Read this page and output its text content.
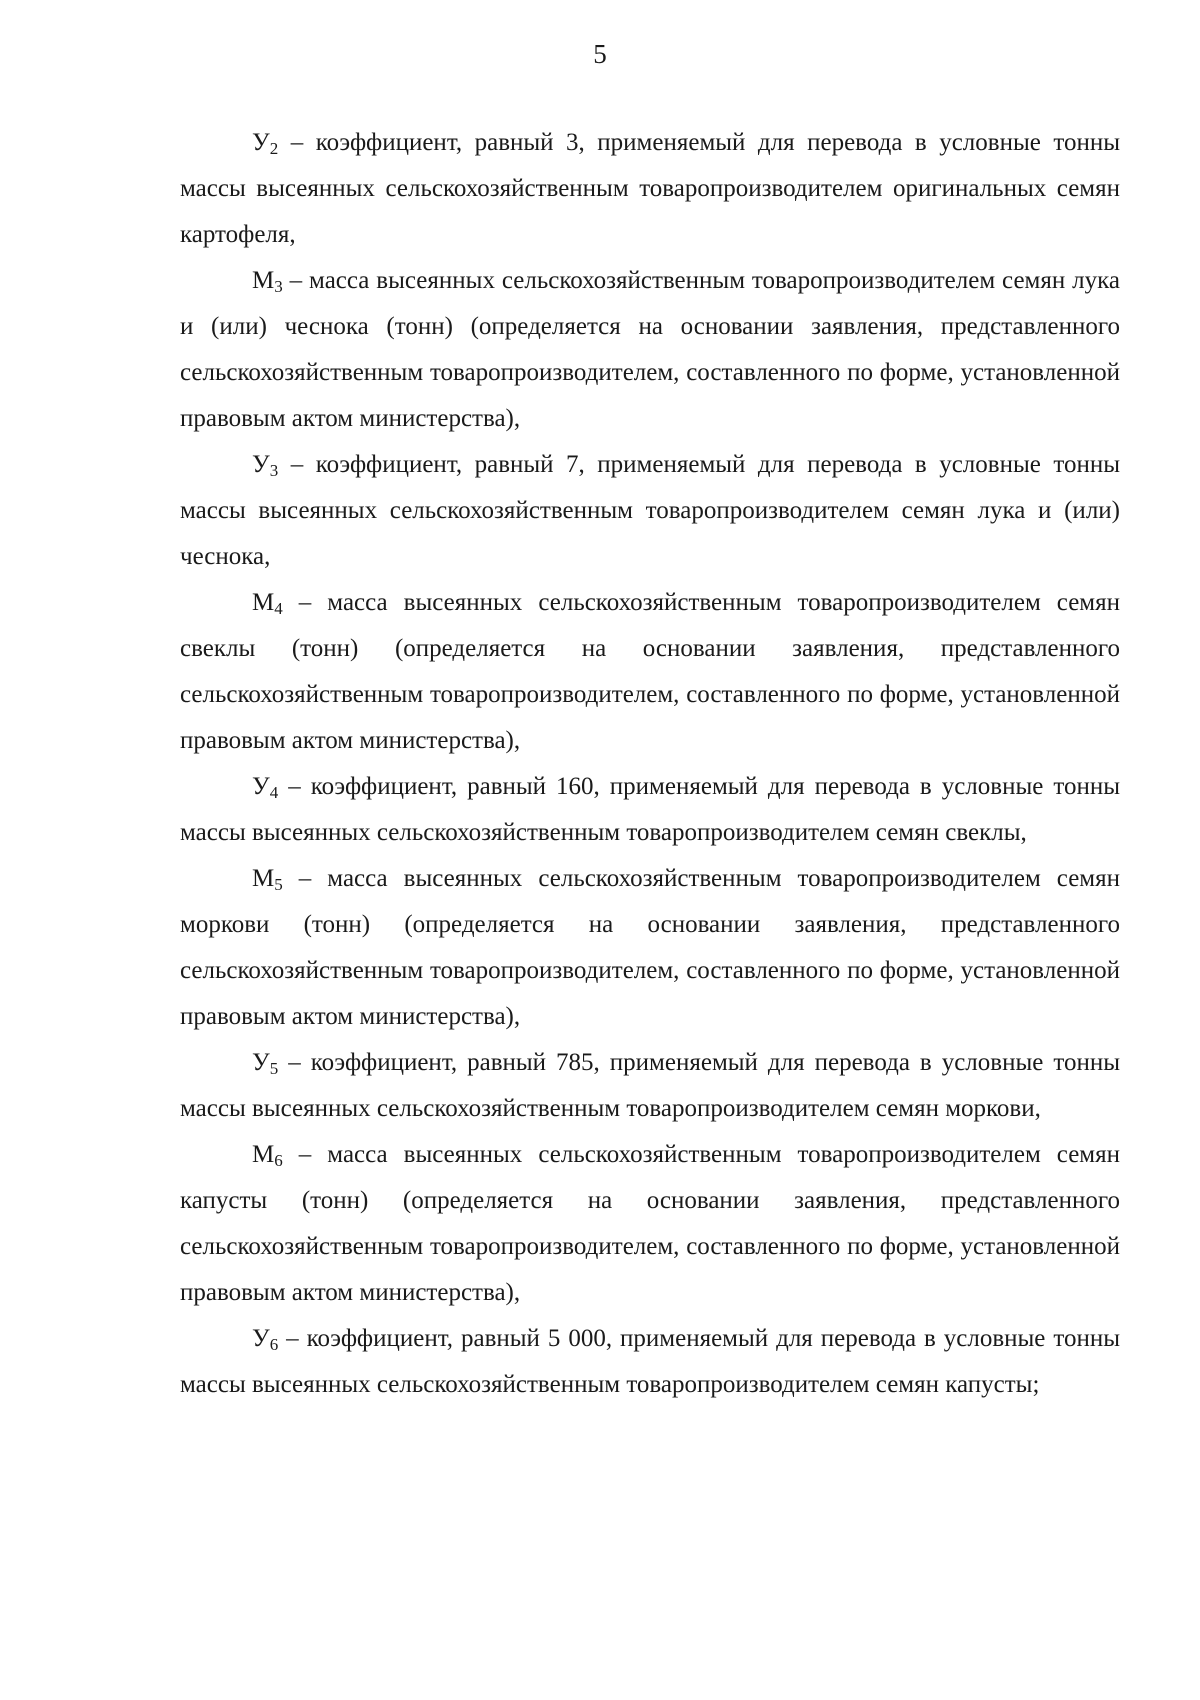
5

$У_2$ – коэффициент, равный 3, применяемый для перевода в условные тонны массы высеянных сельскохозяйственным товаропроизводителем оригинальных семян картофеля,

$М_3$ – масса высеянных сельскохозяйственным товаропроизводителем семян лука и (или) чеснока (тонн) (определяется на основании заявления, представленного сельскохозяйственным товаропроизводителем, составленного по форме, установленной правовым актом министерства),

$У_3$ – коэффициент, равный 7, применяемый для перевода в условные тонны массы высеянных сельскохозяйственным товаропроизводителем семян лука и (или) чеснока,

$М_4$ – масса высеянных сельскохозяйственным товаропроизводителем семян свеклы (тонн) (определяется на основании заявления, представленного сельскохозяйственным товаропроизводителем, составленного по форме, установленной правовым актом министерства),

$У_4$ – коэффициент, равный 160, применяемый для перевода в условные тонны массы высеянных сельскохозяйственным товаропроизводителем семян свеклы,

$М_5$ – масса высеянных сельскохозяйственным товаропроизводителем семян моркови (тонн) (определяется на основании заявления, представленного сельскохозяйственным товаропроизводителем, составленного по форме, установленной правовым актом министерства),

$У_5$ – коэффициент, равный 785, применяемый для перевода в условные тонны массы высеянных сельскохозяйственным товаропроизводителем семян моркови,

$М_6$ – масса высеянных сельскохозяйственным товаропроизводителем семян капусты (тонн) (определяется на основании заявления, представленного сельскохозяйственным товаропроизводителем, составленного по форме, установленной правовым актом министерства),

$У_6$ – коэффициент, равный 5 000, применяемый для перевода в условные тонны массы высеянных сельскохозяйственным товаропроизводителем семян капусты;
